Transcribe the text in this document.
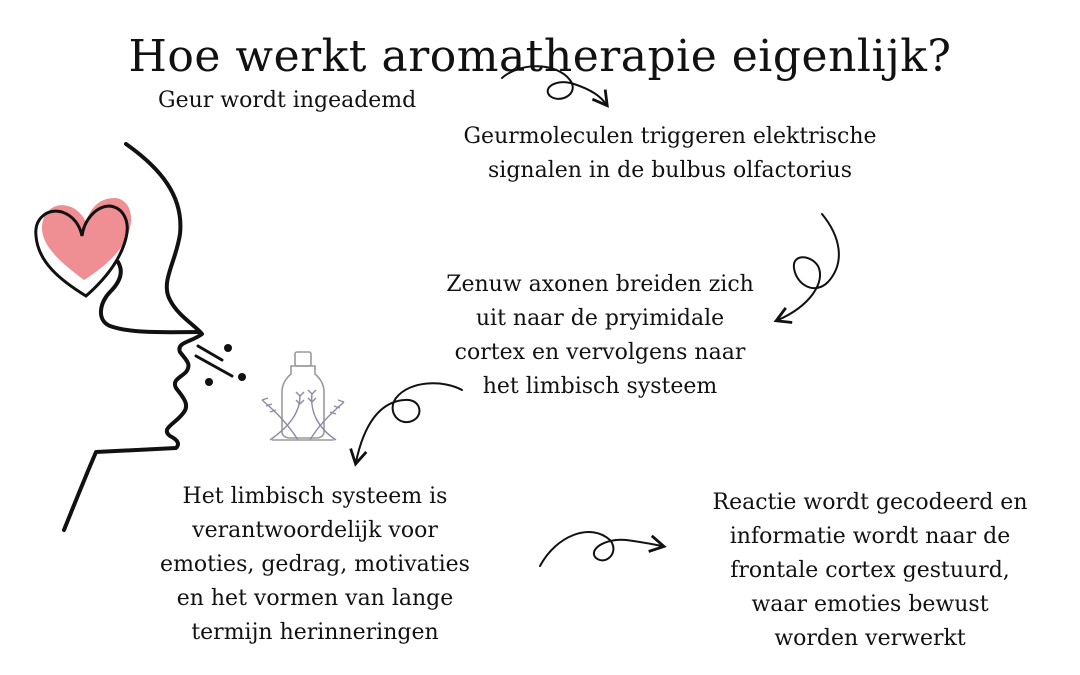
Hoe werkt aromatherapie eigenlijk?
Geur wordt ingeademd
Geurmoleculen triggeren elektrische
signalen in de bulbus olfactorius
Zenuw axonen breiden zich
uit naar de pryimidale
cortex en vervolgens naar
het limbisch systeem
Het limbisch systeem is
verantwoordelijk voor
emoties, gedrag, motivaties
en het vormen van lange
termijn herinneringen
Reactie wordt gecodeerd en
informatie wordt naar de
frontale cortex gestuurd,
waar emoties bewust
worden verwerkt
